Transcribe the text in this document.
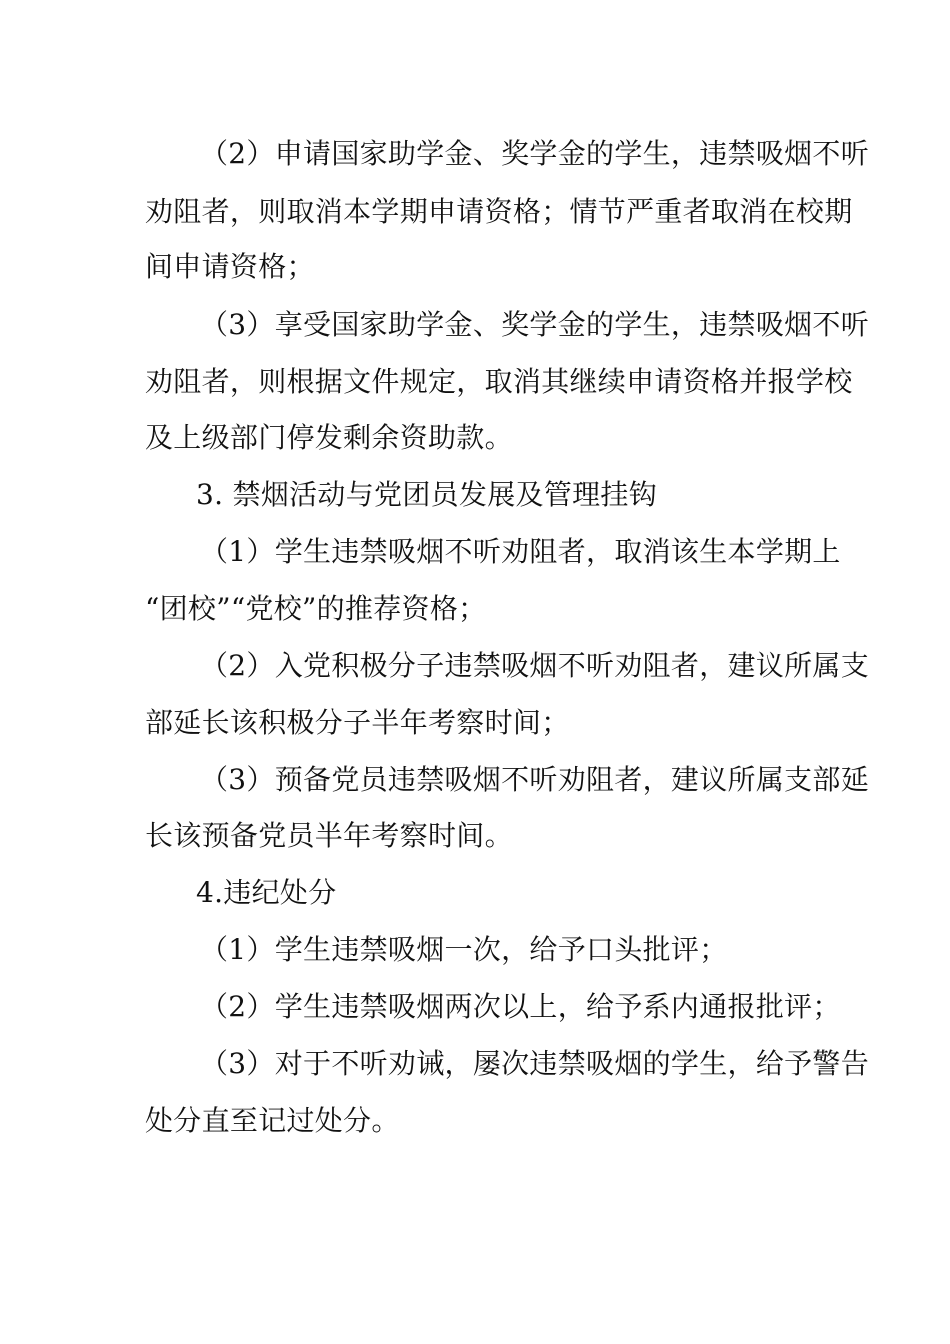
（2）申请国家助学金、奖学金的学生，违禁吸烟不听
劝阻者，则取消本学期申请资格；情节严重者取消在校期
间申请资格；
（3）享受国家助学金、奖学金的学生，违禁吸烟不听
劝阻者，则根据文件规定，取消其继续申请资格并报学校
及上级部门停发剩余资助款。
3. 禁烟活动与党团员发展及管理挂钩
（1）学生违禁吸烟不听劝阻者，取消该生本学期上
“团校”“党校”的推荐资格；
（2）入党积极分子违禁吸烟不听劝阻者，建议所属支
部延长该积极分子半年考察时间；
（3）预备党员违禁吸烟不听劝阻者，建议所属支部延
长该预备党员半年考察时间。
4.违纪处分
（1）学生违禁吸烟一次，给予口头批评；
（2）学生违禁吸烟两次以上，给予系内通报批评；
（3）对于不听劝诫，屡次违禁吸烟的学生，给予警告
处分直至记过处分。
